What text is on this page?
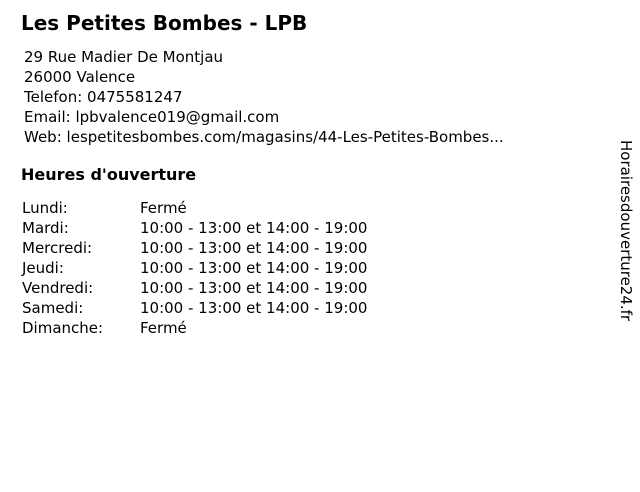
Les Petites Bombes - LPB
29 Rue Madier De Montjau
26000 Valence
Telefon: 0475581247
Email: lpbvalence019@gmail.com
Web: lespetitesbombes.com/magasins/44-Les-Petites-Bombes...
Heures d'ouverture
Lundi:	Fermé
Mardi:	10:00 - 13:00 et 14:00 - 19:00
Mercredi:	10:00 - 13:00 et 14:00 - 19:00
Jeudi:	10:00 - 13:00 et 14:00 - 19:00
Vendredi:	10:00 - 13:00 et 14:00 - 19:00
Samedi:	10:00 - 13:00 et 14:00 - 19:00
Dimanche:	Fermé
Horairesdouverture24.fr
